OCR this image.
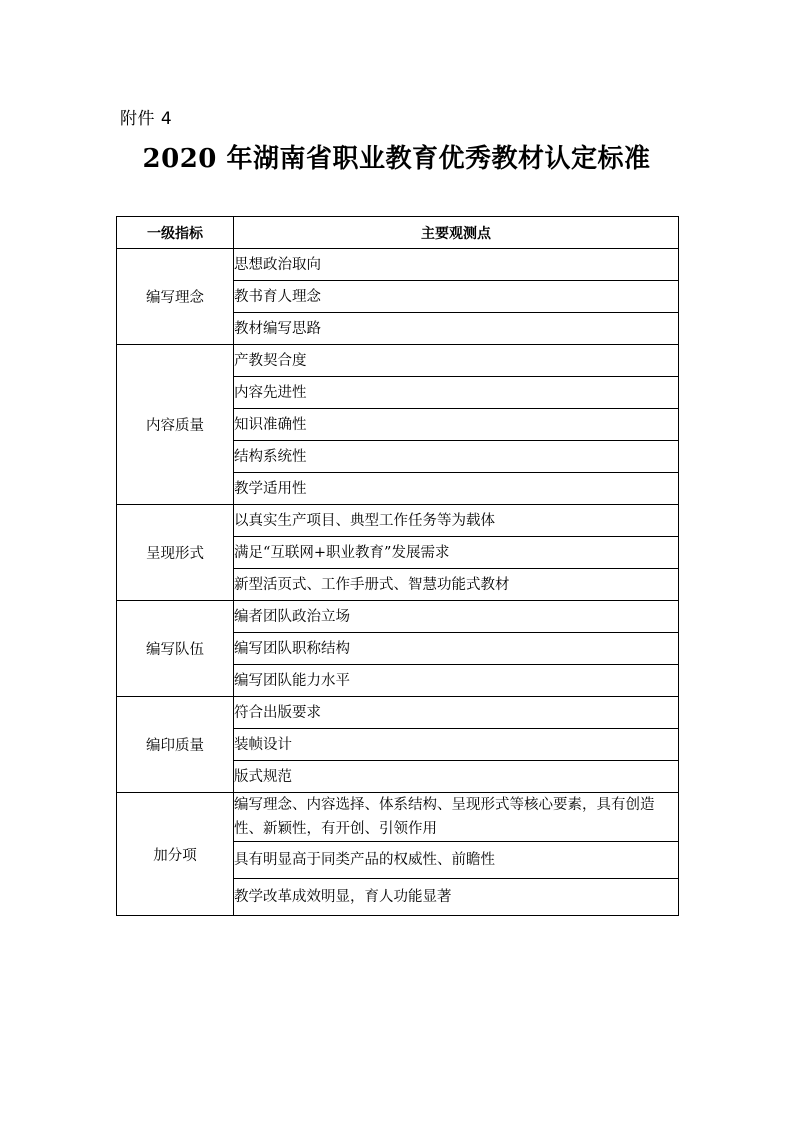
附件 4
2020 年湖南省职业教育优秀教材认定标准
一级指标	主要观测点
编写理念	思想政治取向
	教书育人理念
	教材编写思路
内容质量	产教契合度
	内容先进性
	知识准确性
	结构系统性
	教学适用性
呈现形式	以真实生产项目、典型工作任务等为载体
	满足“互联网+职业教育”发展需求
	新型活页式、工作手册式、智慧功能式教材
编写队伍	编者团队政治立场
	编写团队职称结构
	编写团队能力水平
编印质量	符合出版要求
	装帧设计
	版式规范
加分项	编写理念、内容选择、体系结构、呈现形式等核心要素，具有创造性、新颖性，有开创、引领作用
	具有明显高于同类产品的权威性、前瞻性
	教学改革成效明显，育人功能显著
